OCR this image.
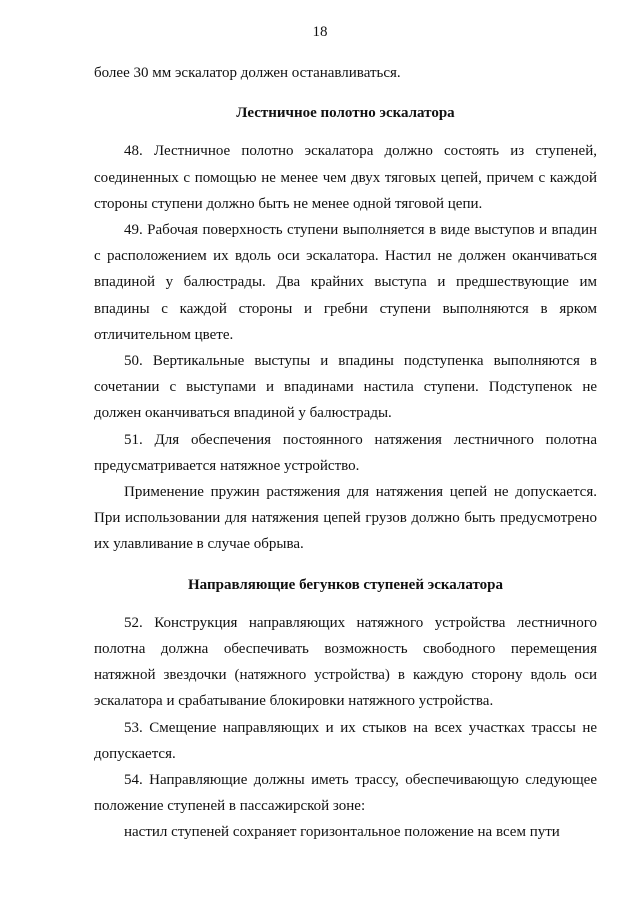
18

более 30 мм эскалатор должен останавливаться.

Лестничное полотно эскалатора

48. Лестничное полотно эскалатора должно состоять из ступеней, соединенных с помощью не менее чем двух тяговых цепей, причем с каждой стороны ступени должно быть не менее одной тяговой цепи.

49. Рабочая поверхность ступени выполняется в виде выступов и впадин с расположением их вдоль оси эскалатора. Настил не должен оканчиваться впадиной у балюстрады. Два крайних выступа и предшествующие им впадины с каждой стороны и гребни ступени выполняются в ярком отличительном цвете.

50. Вертикальные выступы и впадины подступенка выполняются в сочетании с выступами и впадинами настила ступени. Подступенок не должен оканчиваться впадиной у балюстрады.

51. Для обеспечения постоянного натяжения лестничного полотна предусматривается натяжное устройство.

Применение пружин растяжения для натяжения цепей не допускается. При использовании для натяжения цепей грузов должно быть предусмотрено их улавливание в случае обрыва.

Направляющие бегунков ступеней эскалатора

52. Конструкция направляющих натяжного устройства лестничного полотна должна обеспечивать возможность свободного перемещения натяжной звездочки (натяжного устройства) в каждую сторону вдоль оси эскалатора и срабатывание блокировки натяжного устройства.

53. Смещение направляющих и их стыков на всех участках трассы не допускается.

54. Направляющие должны иметь трассу, обеспечивающую следующее положение ступеней в пассажирской зоне:

настил ступеней сохраняет горизонтальное положение на всем пути
